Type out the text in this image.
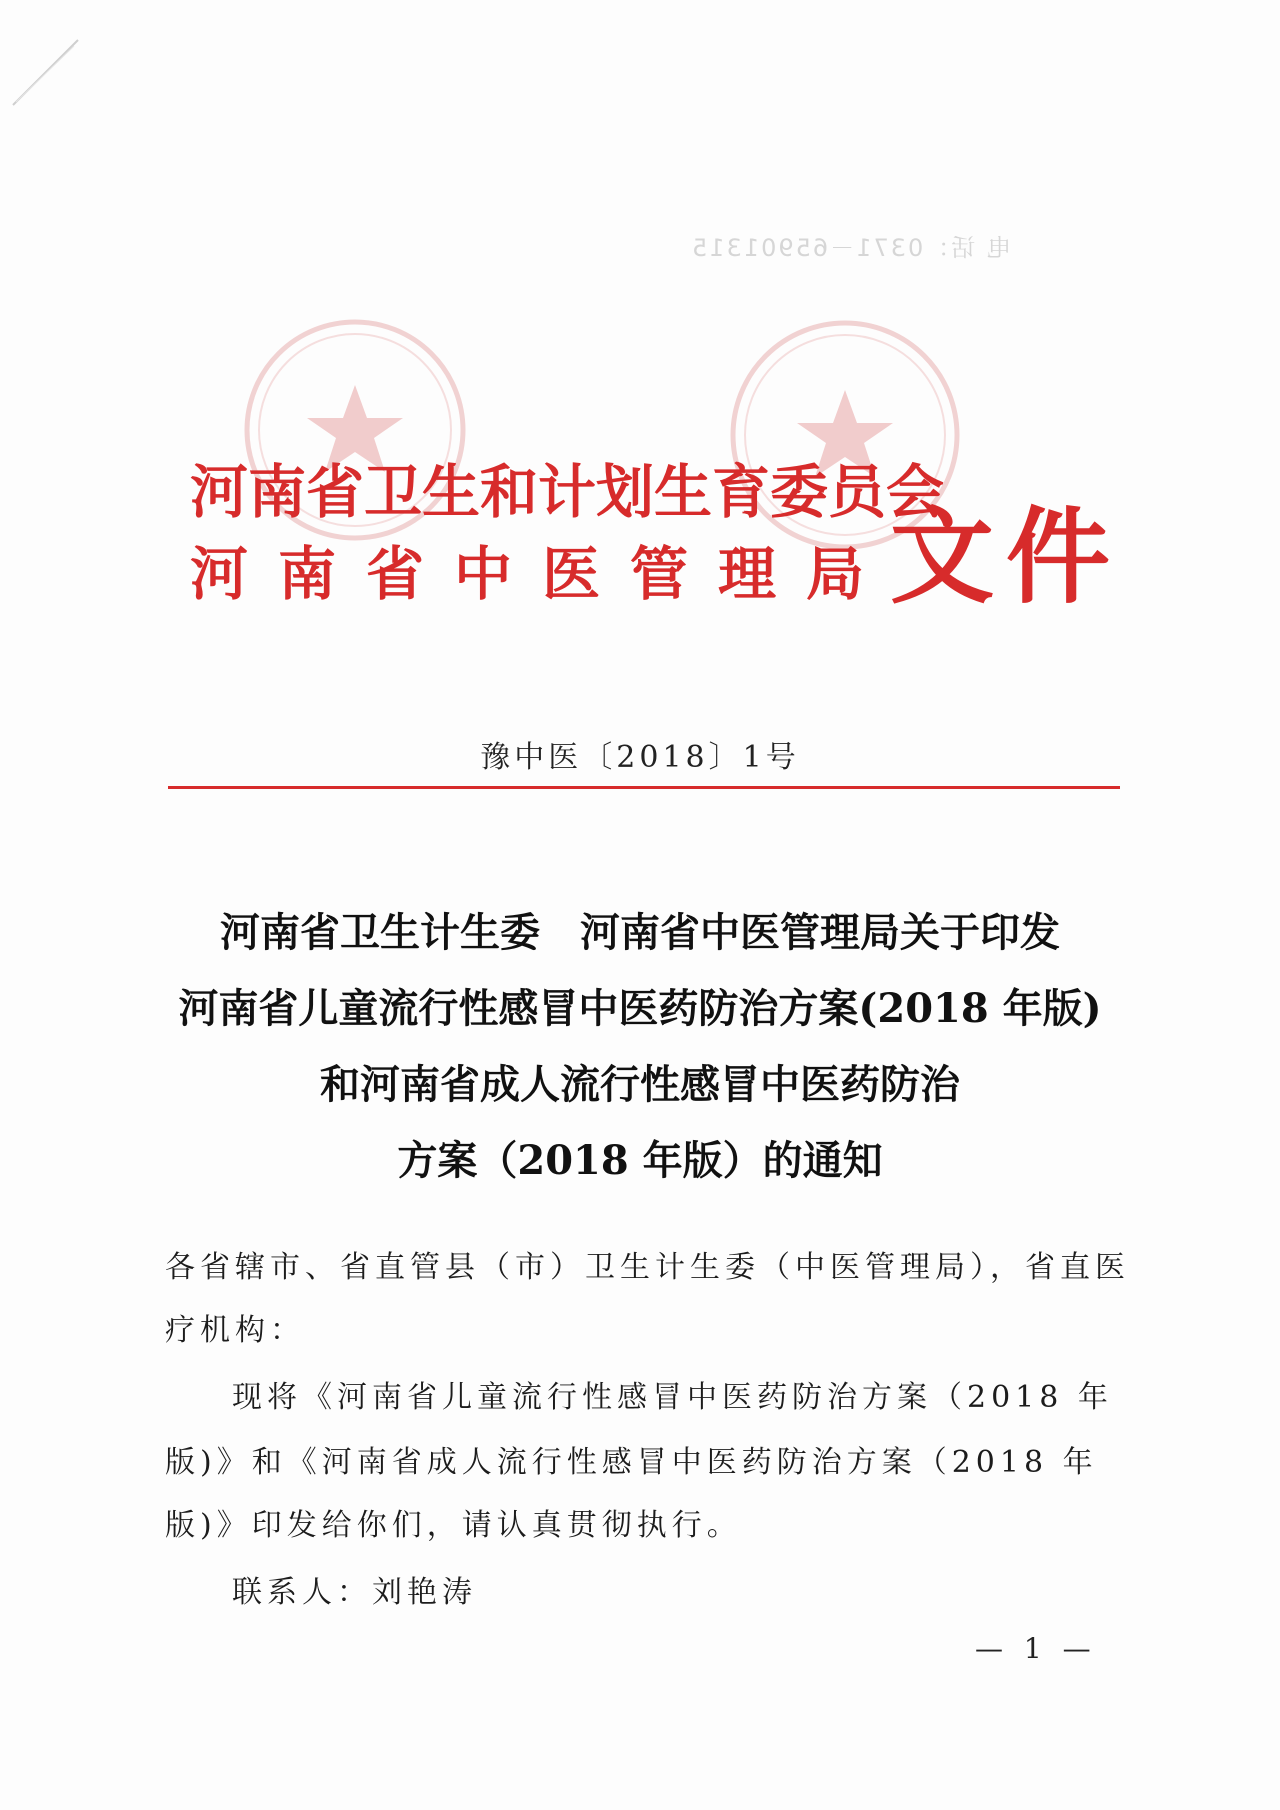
电 话：0371－65901315
河南省卫生和计划生育委员会
河南省中医管理局
文件
豫中医〔2018〕1号
河南省卫生计生委　河南省中医管理局关于印发
河南省儿童流行性感冒中医药防治方案(2018 年版)
和河南省成人流行性感冒中医药防治
方案（2018 年版）的通知
各省辖市、省直管县（市）卫生计生委（中医管理局），省直医
疗机构：
现将《河南省儿童流行性感冒中医药防治方案（2018 年
版)》和《河南省成人流行性感冒中医药防治方案（2018 年
版)》印发给你们，请认真贯彻执行。
联系人：刘艳涛
— 1 —
